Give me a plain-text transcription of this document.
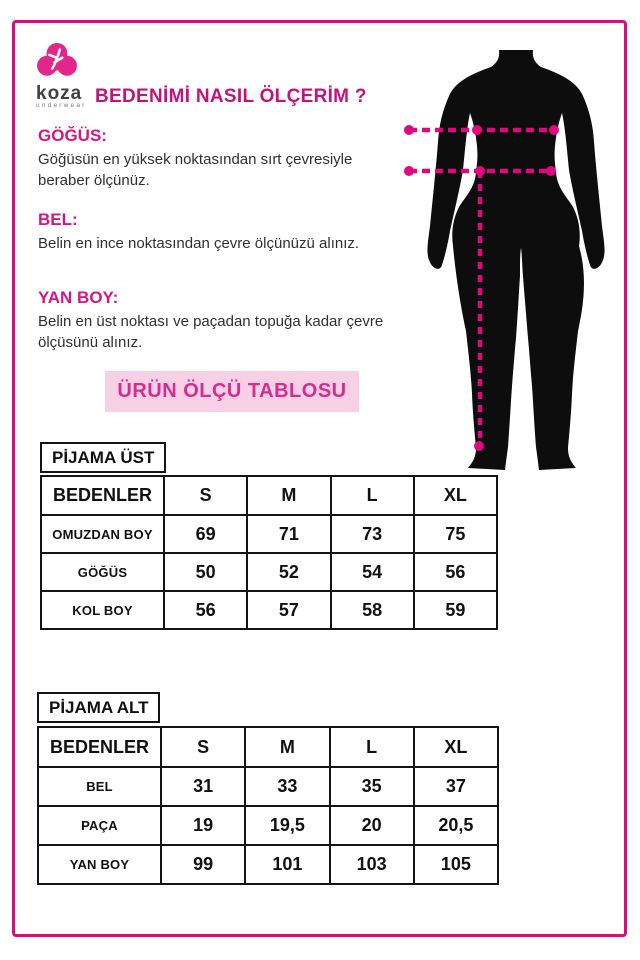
koza
underwear BEDENİMİ NASIL ÖLÇERİM ?
GÖĞÜS:
Göğüsün en yüksek noktasından sırt çevresiyle beraber ölçünüz.
BEL:
Belin en ince noktasından çevre ölçünüzü alınız.
YAN BOY:
Belin en üst noktası ve paçadan topuğa kadar çevre ölçüsünü alınız.
ÜRÜN ÖLÇÜ TABLOSU
PİJAMA ÜST
BEDENLER	S	M	L	XL
OMUZDAN BOY	69	71	73	75
GÖĞÜS	50	52	54	56
KOL BOY	56	57	58	59
PİJAMA ALT
BEDENLER	S	M	L	XL
BEL	31	33	35	37
PAÇA	19	19,5	20	20,5
YAN BOY	99	101	103	105
